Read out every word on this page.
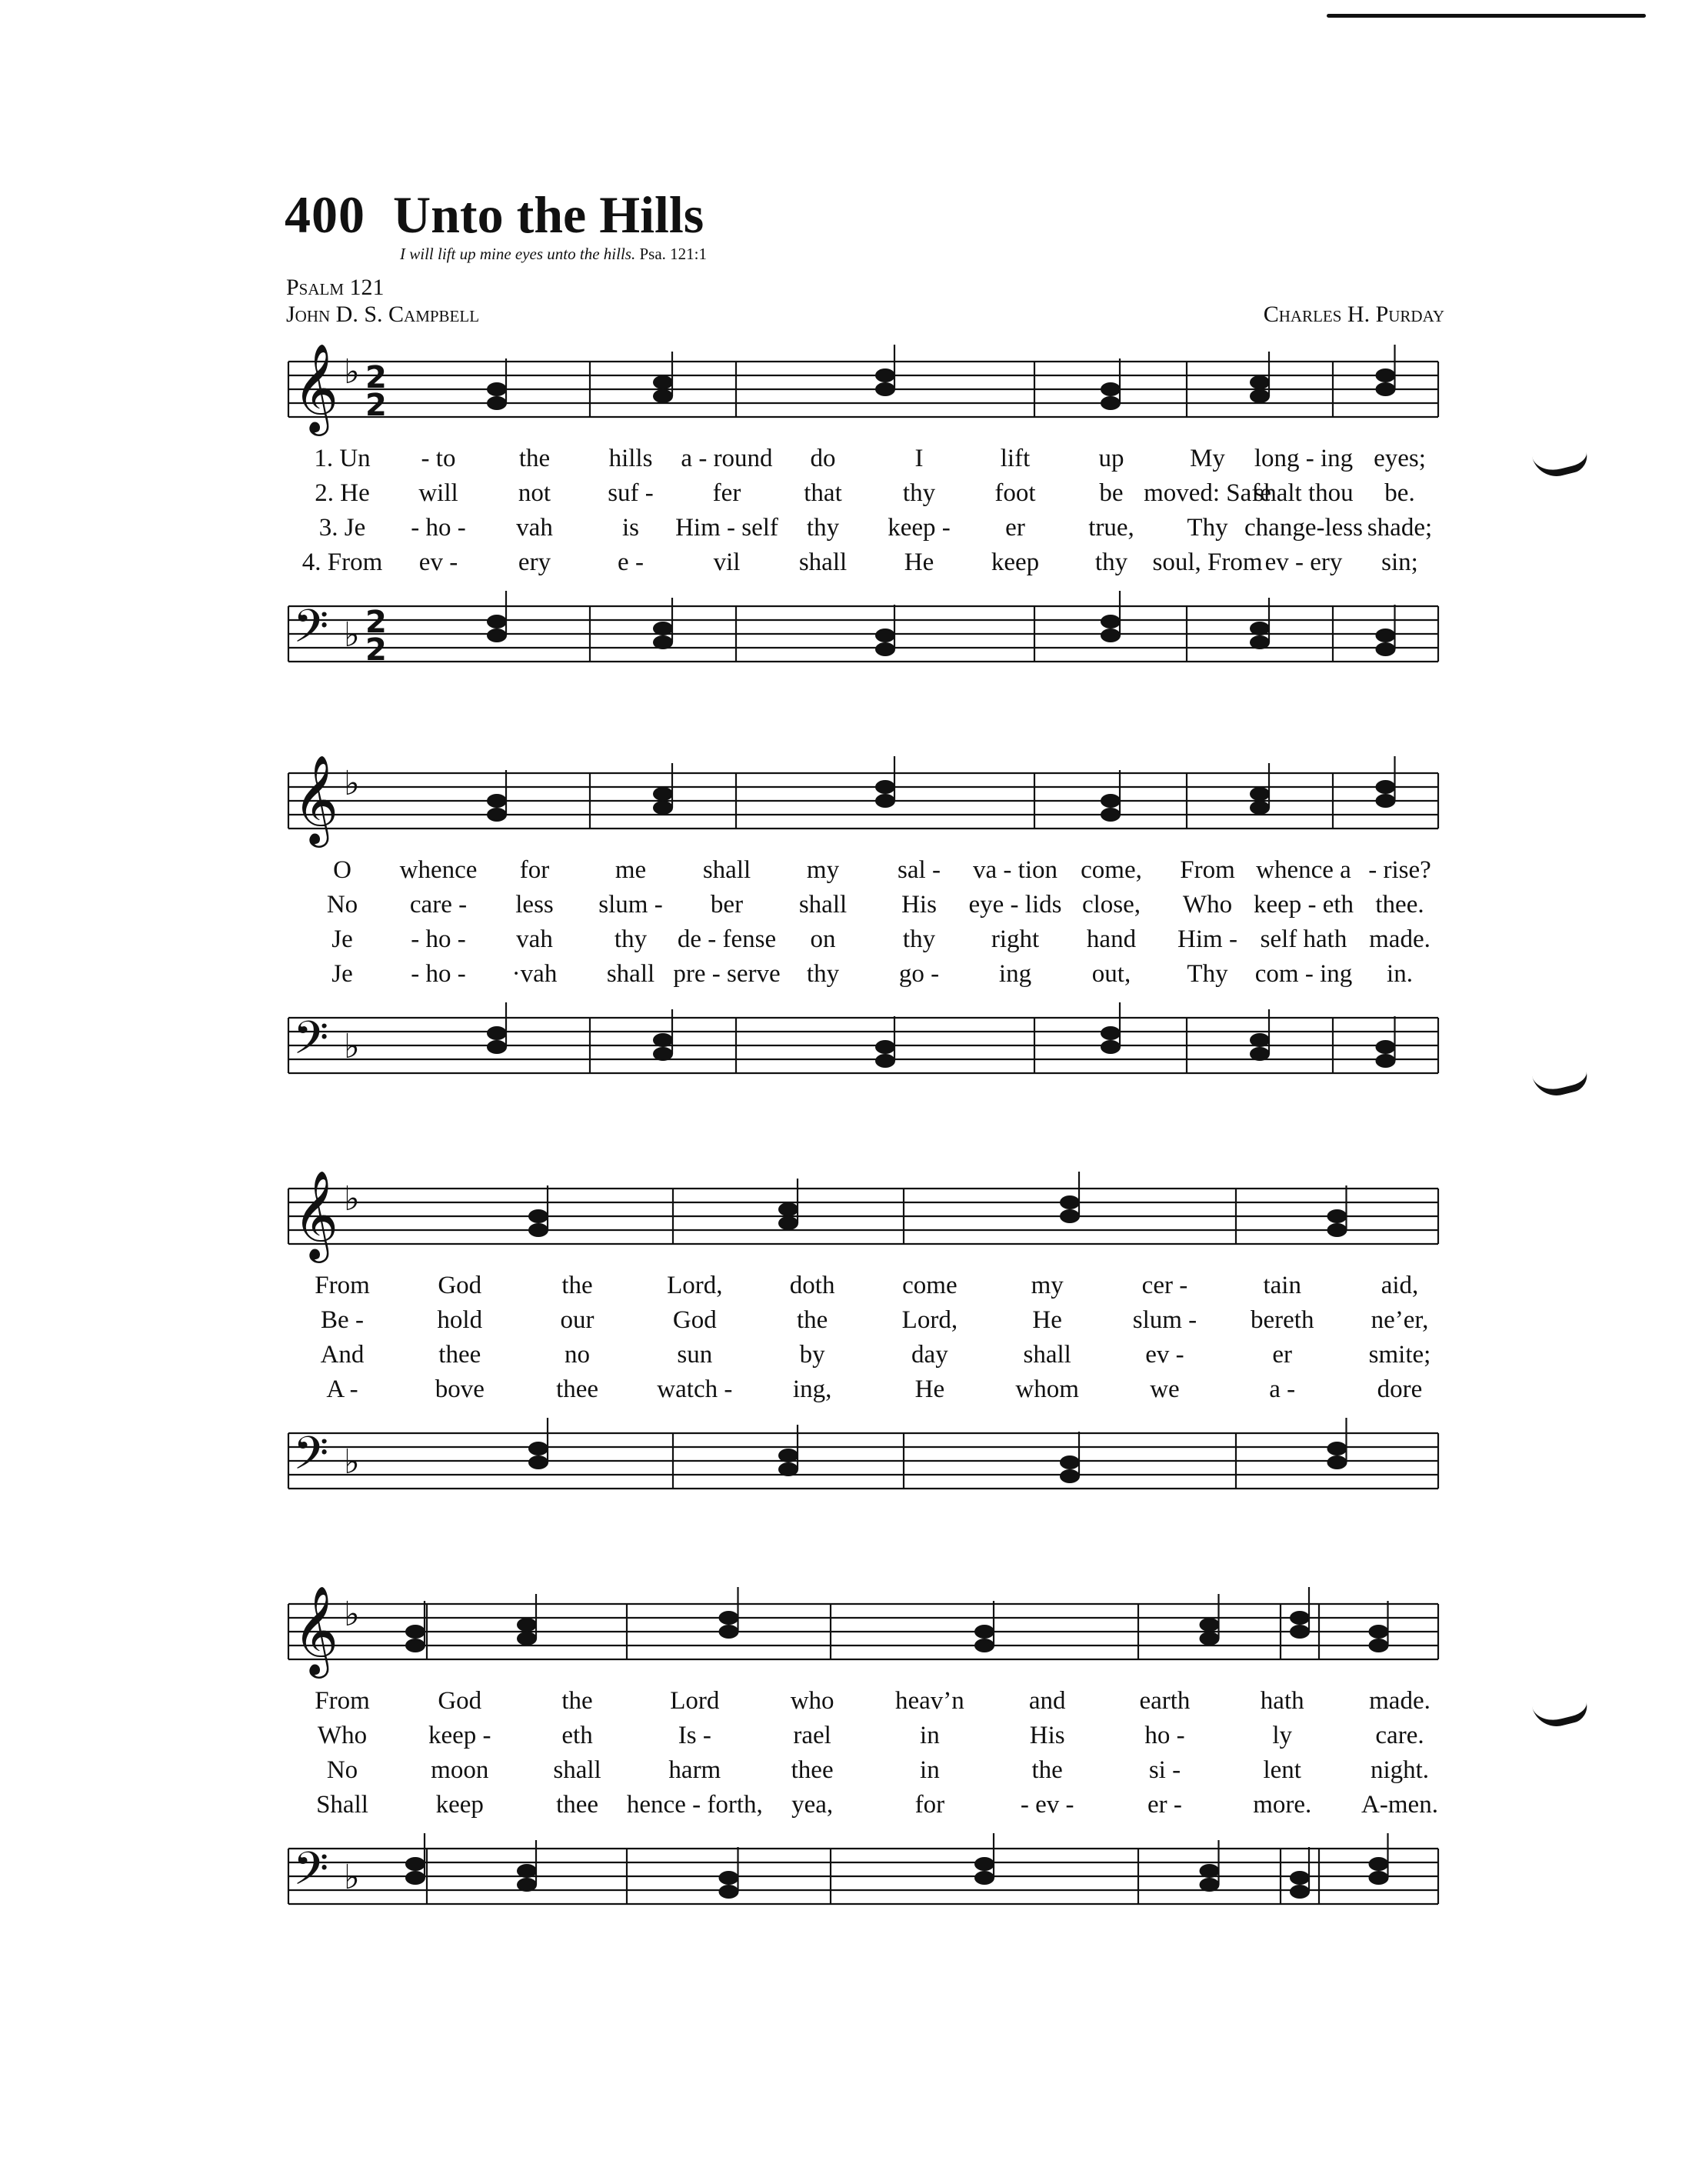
400 Unto the Hills
I will lift up mine eyes unto the hills. Psa. 121:1
Psalm 121
John D. S. Campbell	Charles H. Purday
𝄞 ♭ 2
2
1. Un - to the hills a - round do	I	lift	up	My long - ing eyes;
2. He will not suf - fer that thy foot	be moved: Safe
shalt thou be.
3. Je - ho - vah	is Him - self thy keep - er true, Thy change-less shade;
4. From ev - ery	e -	vil shall He keep thy soul, From ev - ery sin;
𝄢 ♭ 2
2
𝄞 ♭
O whence for	me shall my sal - va - tion come, From whence a - rise?
No care - less slum - ber shall His eye - lids close, Who keep - eth thee.
Je - ho - vah thy de - fense on	thy right hand Him - self hath made.
Je - ho - ·vah shall pre - serve thy go - ing out, Thy com - ing in.
𝄢 ♭
𝄞 ♭
From	God	the	Lord,	doth	come	my	cer -	tain	aid,
Be -	hold	our	God	the	Lord,	He	slum - bereth ne’er,
And	thee	no	sun	by	day	shall	ev -	er	smite;
A -	bove	thee watch - ing,	He	whom	we	a -	dore
𝄢 ♭
𝄞 ♭
From	God	the	Lord	who heav’n	and	earth	hath	made.
Who keep -	eth	Is -	rael	in	His	ho -	ly	care.
No	moon	shall	harm	thee	in	the	si -	lent	night.
Shall	keep	thee hence - forth, yea,	for	- ev -	er -	more. A-men.
𝄢 ♭
